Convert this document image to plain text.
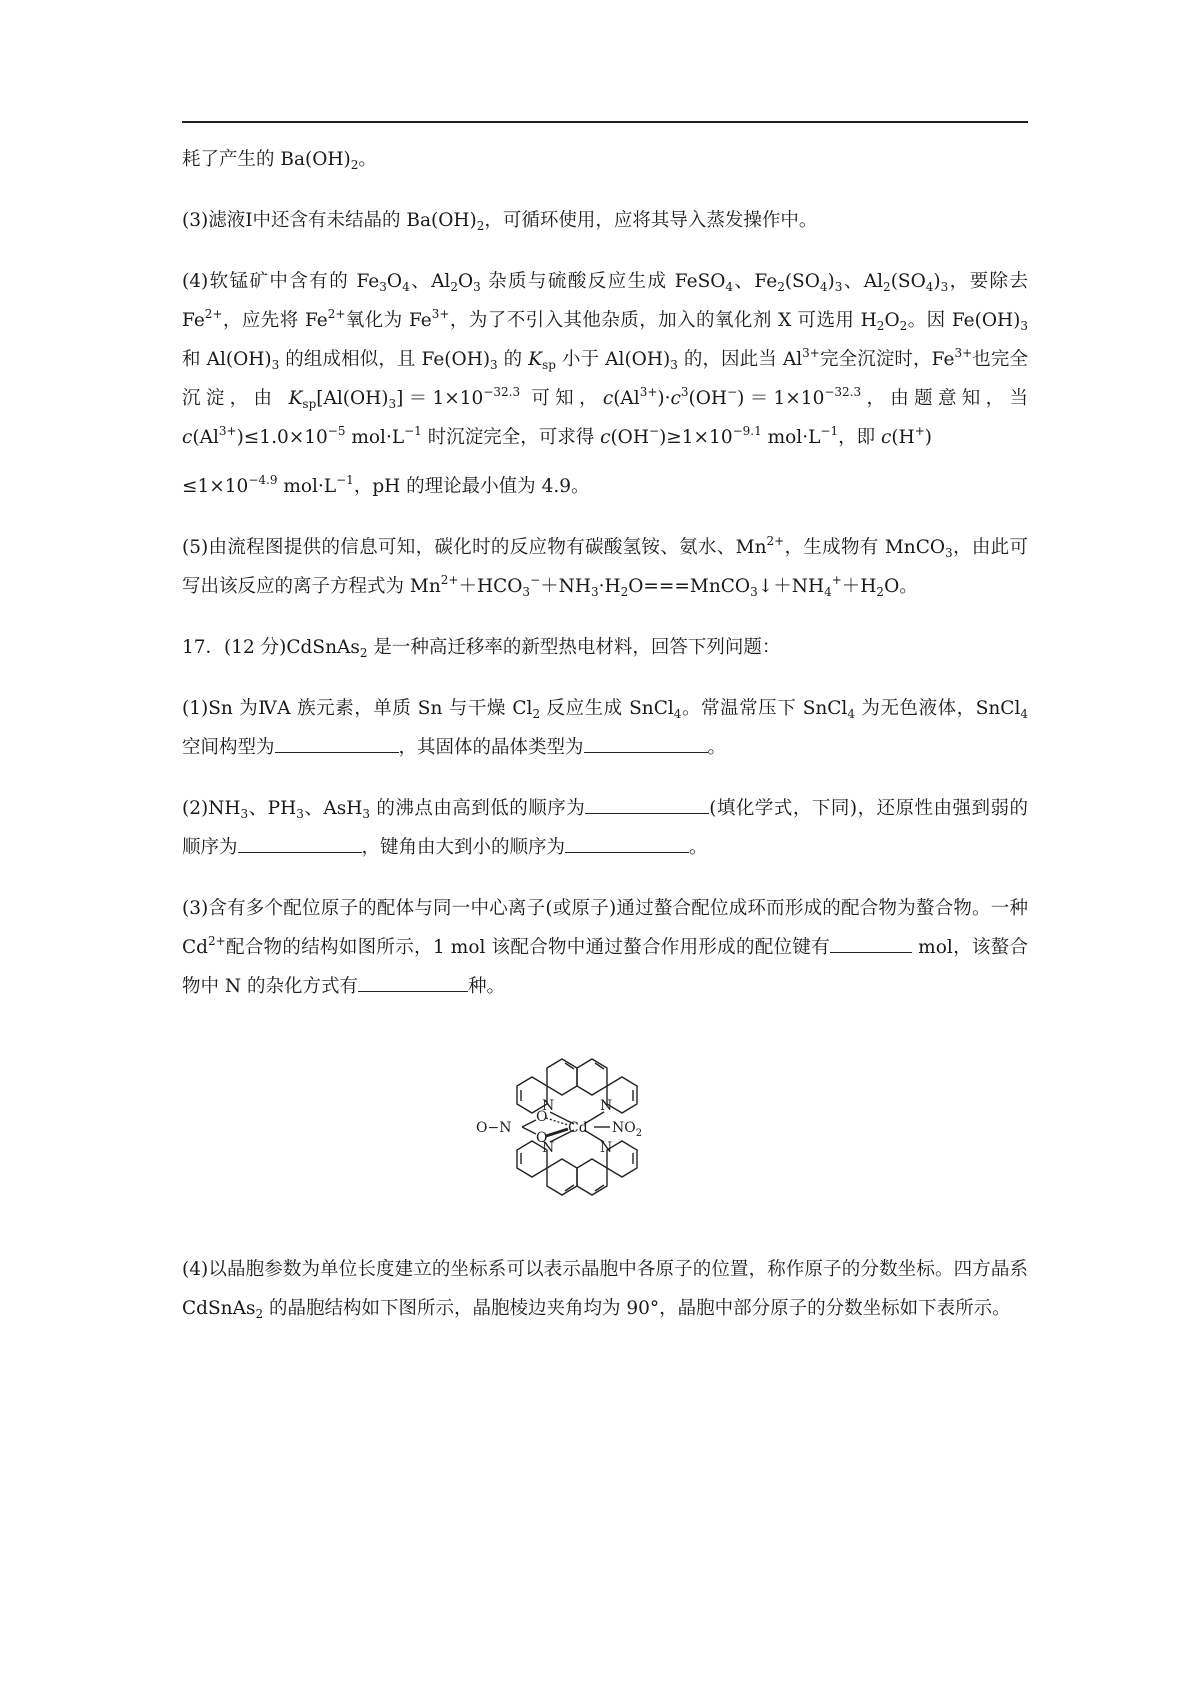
耗了产生的 $Ba(OH)_2$。

(3)滤液Ⅰ中还含有未结晶的 $Ba(OH)_2$，可循环使用，应将其导入蒸发操作中。

(4)软锰矿中含有的 $Fe_3O_4$、$Al_2O_3$ 杂质与硫酸反应生成 FeSO$_4$、$Fe_2(SO_4)_3$、$Al_2(SO_4)_3$，要除去 $Fe^{2+}$，应先将 $Fe^{2+}$氧化为 $Fe^{3+}$，为了不引入其他杂质，加入的氧化剂 X 可选用 $H_2O_2$。因 $Fe(OH)_3$ 和 $Al(OH)_3$ 的组成相似，且 $Fe(OH)_3$ 的 $K_{sp}$ 小于 $Al(OH)_3$ 的，因此当 $Al^{3+}$完全沉淀时，$Fe^{3+}$也完全沉淀，由 $K_{sp}[Al(OH)_3]=1\times 10^{-32.3}$ 可知，$c(Al^{3+})\cdot c^3(OH^-)=1\times 10^{-32.3}$，由题意知，当 $c(Al^{3+})\le 1.0\times 10^{-5}$ $mol\cdot L^{-1}$ 时沉淀完全，可求得 $c(OH^-)\ge 1\times 10^{-9.1}$ $mol\cdot L^{-1}$，即 c(H+)

$\le 1\times 10^{-4.9}$ $mol\cdot L^{-1}$，pH 的理论最小值为 4.9。

(5)由流程图提供的信息可知，碳化时的反应物有碳酸氢铵、氨水、$Mn^{2+}$，生成物有 MnCO$_3$，由此可写出该反应的离子方程式为 $Mn^{2+}+HCO_3^-+NH_3\cdot H_2O===MnCO_3↓+NH_4^++H_2O$。

17．(12 分)CdSnAs$_2$ 是一种高迁移率的新型热电材料，回答下列问题：

(1)Sn 为ⅣA 族元素，单质 Sn 与干燥 $Cl_2$ 反应生成 SnCl$_4$。常温常压下 SnCl$_4$ 为无色液体，SnCl$_4$ 空间构型为	，其固体的晶体类型为	。

$(2)NH_3$、$PH_3$、AsH$_3$ 的沸点由高到低的顺序为	(填化学式，下同)，还原性由强到弱的顺序为	，键角由大到小的顺序为	。

(3)含有多个配位原子的配体与同一中心离子(或原子)通过螯合配位成环而形成的配合物为螯合物。一种 $Cd^{2+}$配合物的结构如图所示，1 mol 该配合物中通过螯合作用形成的配位键有	mol，该螯合物中 N 的杂化方式有	种。

N	N
N	N
O
O
Cd
O−N	$NO_2$

(4)以晶胞参数为单位长度建立的坐标系可以表示晶胞中各原子的位置，称作原子的分数坐标。四方晶系 CdSnAs$_2$ 的晶胞结构如下图所示，晶胞棱边夹角均为 90°，晶胞中部分原子的分数坐标如下表所示。
